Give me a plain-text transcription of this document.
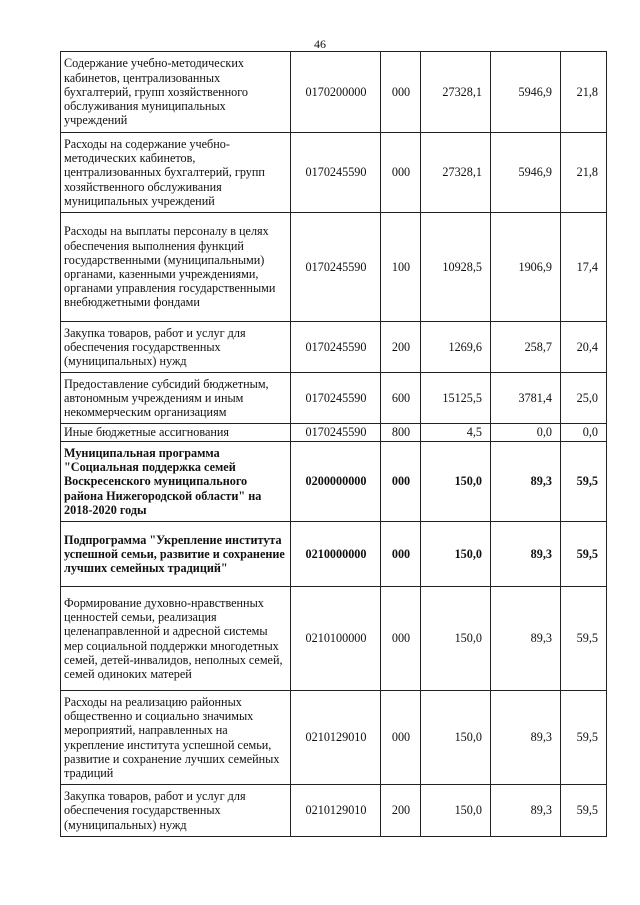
46
Содержание учебно-методических кабинетов, централизованных бухгалтерий, групп хозяйственного обслуживания муниципальных учреждений	0170200000	000	27328,1	5946,9	21,8
Расходы на содержание учебно-методических кабинетов, централизованных бухгалтерий, групп хозяйственного обслуживания муниципальных учреждений	0170245590	000	27328,1	5946,9	21,8
Расходы на выплаты персоналу в целях обеспечения выполнения функций государственными (муниципальными) органами, казенными учреждениями, органами управления государственными внебюджетными фондами	0170245590	100	10928,5	1906,9	17,4
Закупка товаров, работ и услуг для обеспечения государственных (муниципальных) нужд	0170245590	200	1269,6	258,7	20,4
Предоставление субсидий бюджетным, автономным учреждениям и иным некоммерческим организациям	0170245590	600	15125,5	3781,4	25,0
Иные бюджетные ассигнования	0170245590	800	4,5	0,0	0,0
Муниципальная программа "Социальная поддержка семей Воскресенского муниципального района Нижегородской области" на 2018-2020 годы	0200000000	000	150,0	89,3	59,5
Подпрограмма "Укрепление института успешной семьи, развитие и сохранение лучших семейных традиций"	0210000000	000	150,0	89,3	59,5
Формирование духовно-нравственных ценностей семьи, реализация целенаправленной и адресной системы мер социальной поддержки многодетных семей, детей-инвалидов, неполных семей, семей одиноких матерей	0210100000	000	150,0	89,3	59,5
Расходы на реализацию районных общественно и социально значимых мероприятий, направленных на укрепление института успешной семьи, развитие и сохранение лучших семейных традиций	0210129010	000	150,0	89,3	59,5
Закупка товаров, работ и услуг для обеспечения государственных (муниципальных) нужд	0210129010	200	150,0	89,3	59,5
